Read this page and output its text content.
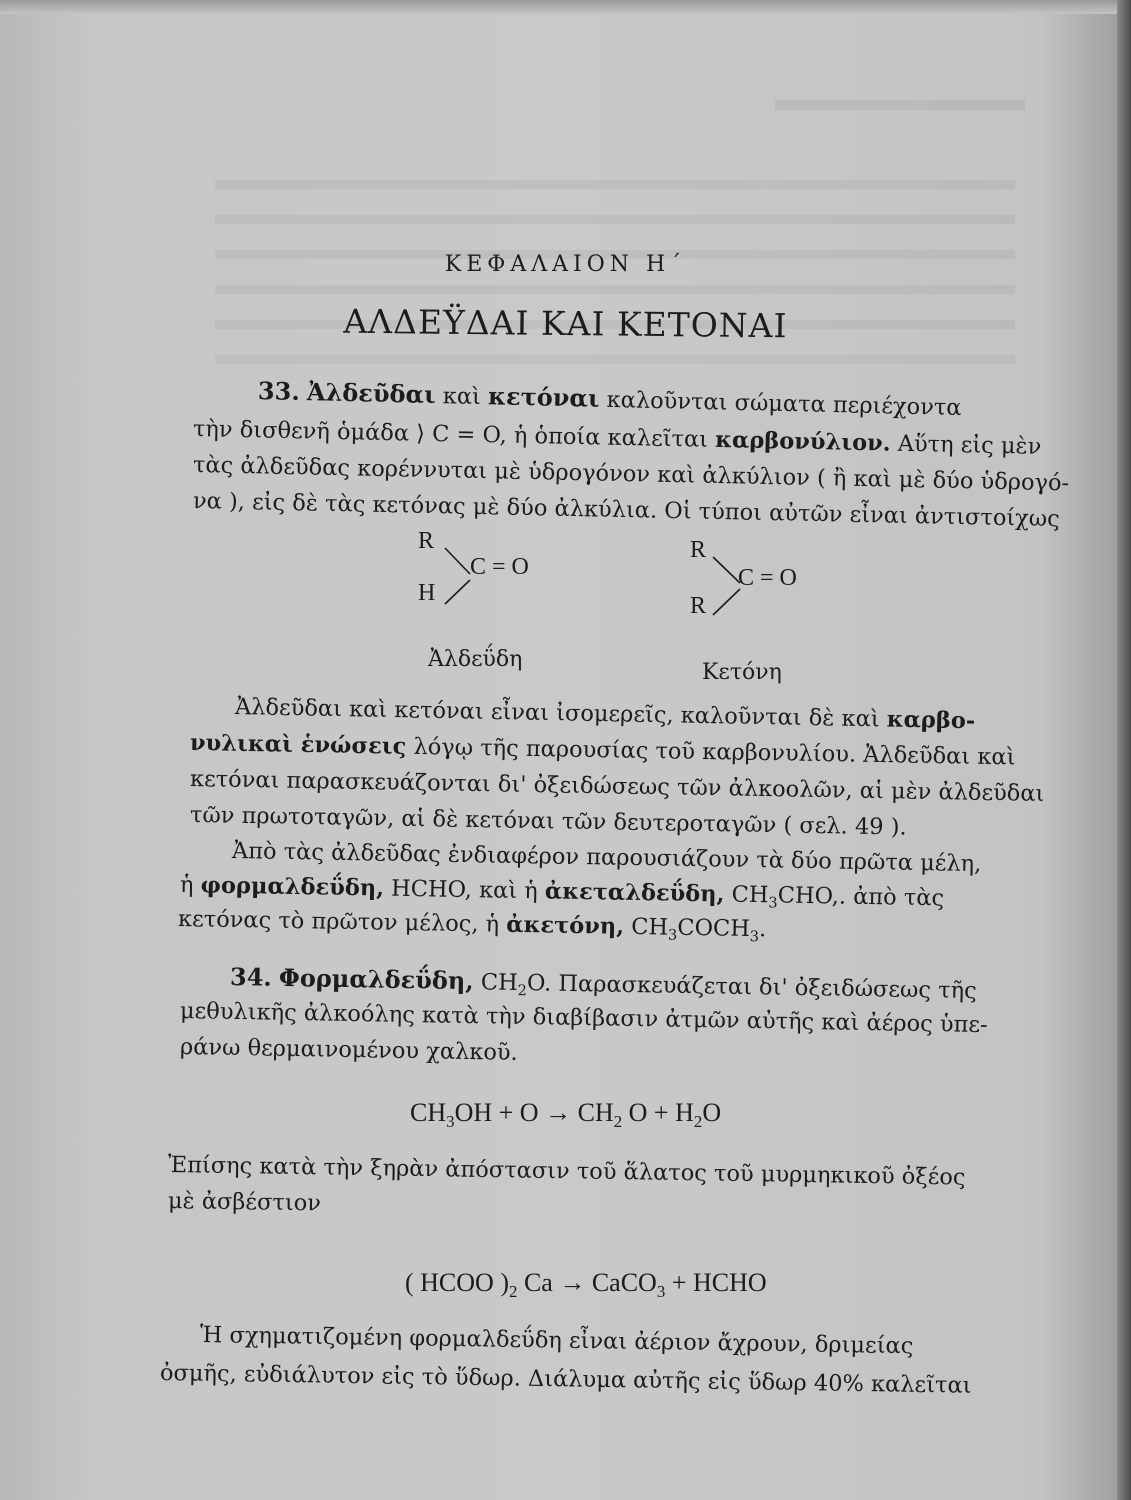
ΚΕΦΑΛΑΙΟΝ Η΄
ΑΛΔΕΫΔΑΙ ΚΑΙ ΚΕΤΟΝΑΙ
33. Ἀλδεῦδαι καὶ κετόναι καλοῦνται σώματα περιέχοντα
τὴν δισθενῆ ὁμάδα ⟩ C = O, ἡ ὁποία καλεῖται καρβονύλιον. Αὕτη εἰς μὲν
τὰς ἀλδεῦδας κορέννυται μὲ ὑδρογόνον καὶ ἀλκύλιον ( ἢ καὶ μὲ δύο ὑδρογό-
να ), εἰς δὲ τὰς κετόνας μὲ δύο ἀλκύλια. Οἱ τύποι αὐτῶν εἶναι ἀντιστοίχως
R
H
C = O
R
R
C = O
Ἀλδεΰδη
Κετόνη
Ἀλδεῦδαι καὶ κετόναι εἶναι ἰσομερεῖς, καλοῦνται δὲ καὶ καρβο-
νυλικαὶ ἑνώσεις λόγῳ τῆς παρουσίας τοῦ καρβονυλίου. Ἀλδεῦδαι καὶ
κετόναι παρασκευάζονται δι' ὀξειδώσεως τῶν ἀλκοολῶν, αἱ μὲν ἀλδεῦδαι
τῶν πρωτοταγῶν, αἱ δὲ κετόναι τῶν δευτεροταγῶν ( σελ. 49 ).
Ἀπὸ τὰς ἀλδεῦδας ἐνδιαφέρον παρουσιάζουν τὰ δύο πρῶτα μέλη,
ἡ φορμαλδεΰδη, HCHO, καὶ ἡ ἀκεταλδεΰδη, $CH_3CHO$,. ἀπὸ τὰς
κετόνας τὸ πρῶτον μέλος, ἡ ἀκετόνη, $CH_3COCH_3$.
34. Φορμαλδεΰδη, $CH_2O$. Παρασκευάζεται δι' ὀξειδώσεως τῆς
μεθυλικῆς ἀλκοόλης κατὰ τὴν διαβίβασιν ἀτμῶν αὐτῆς καὶ ἀέρος ὑπε-
ράνω θερμαινομένου χαλκοῦ.
$CH_3OH + O \to CH_2$ $O + H_2O$
Ἐπίσης κατὰ τὴν ξηρὰν ἀπόστασιν τοῦ ἅλατος τοῦ μυρμηκικοῦ ὀξέος
μὲ ἀσβέστιον
( HCOO )$_2$ Ca → CaCO$_3$ + HCHO
Ἡ σχηματιζομένη φορμαλδεΰδη εἶναι ἀέριον ἄχρουν, δριμείας
ὀσμῆς, εὐδιάλυτον εἰς τὸ ὕδωρ. Διάλυμα αὐτῆς εἰς ὕδωρ 40% καλεῖται
